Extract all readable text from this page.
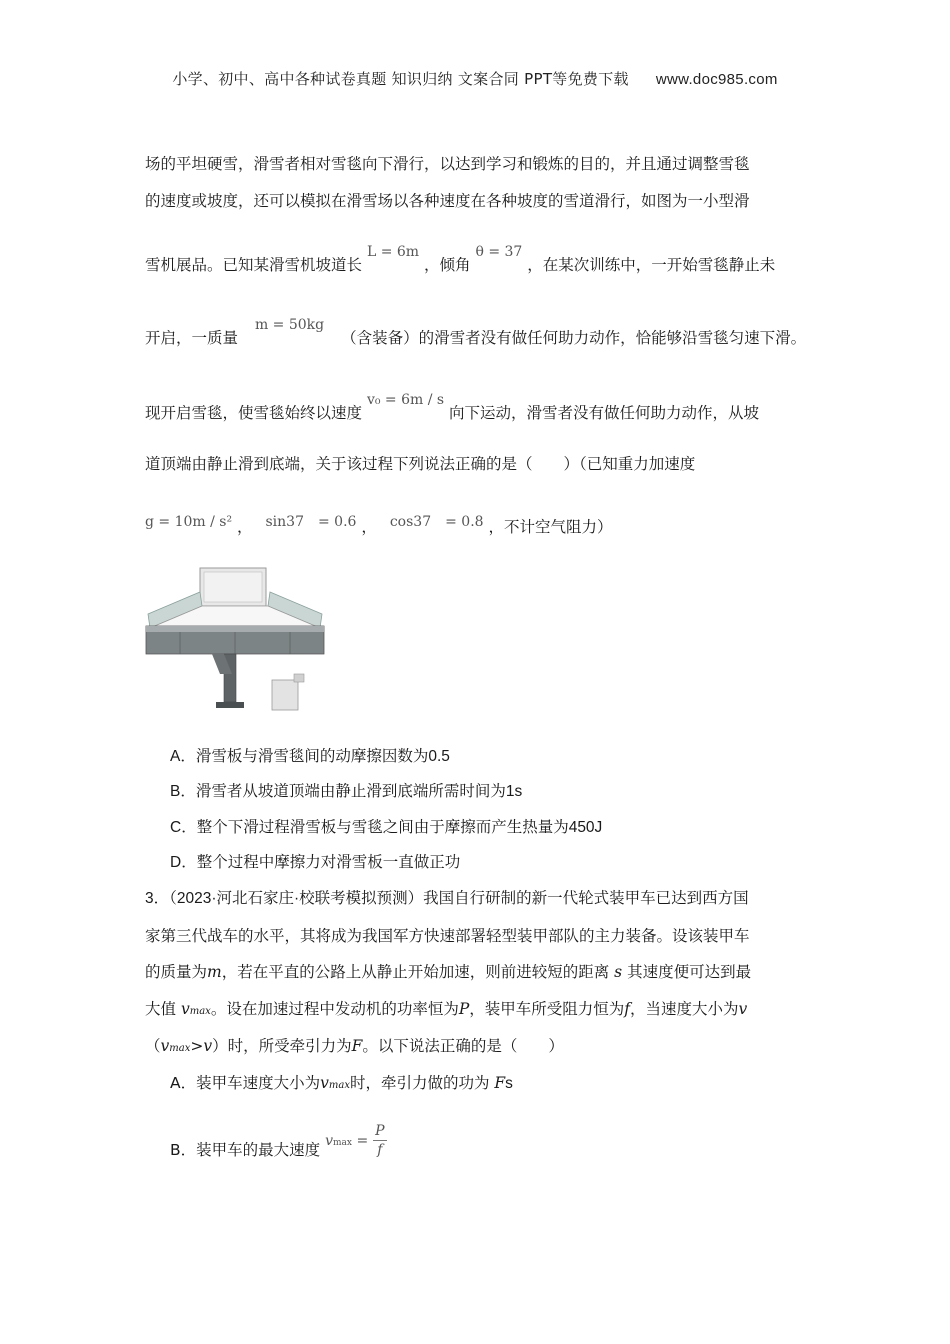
小学、初中、高中各种试卷真题 知识归纳 文案合同 PPT等免费下载 www.doc985.com
场的平坦硬雪，滑雪者相对雪毯向下滑行，以达到学习和锻炼的目的，并且通过调整雪毯
的速度或坡度，还可以模拟在滑雪场以各种速度在各种坡度的雪道滑行，如图为一小型滑
雪机展品。已知某滑雪机坡道长 L = 6m ，倾角 θ = 37 ，在某次训练中，一开始雪毯静止未
开启，一质量 m = 50kg （含装备）的滑雪者没有做任何助力动作，恰能够沿雪毯匀速下滑。
现开启雪毯，使雪毯始终以速度 v₀ = 6m / s 向下运动，滑雪者没有做任何助力动作，从坡
道顶端由静止滑到底端，关于该过程下列说法正确的是（　　）（已知重力加速度
g = 10m / s² ， sin37　= 0.6 ， cos37　= 0.8 ，不计空气阻力）
A．滑雪板与滑雪毯间的动摩擦因数为0.5
B．滑雪者从坡道顶端由静止滑到底端所需时间为1s
C．整个下滑过程滑雪板与雪毯之间由于摩擦而产生热量为450J
D．整个过程中摩擦力对滑雪板一直做正功
3．（2023·河北石家庄·校联考模拟预测）我国自行研制的新一代轮式装甲车已达到西方国
家第三代战车的水平，其将成为我国军方快速部署轻型装甲部队的主力装备。设该装甲车
的质量为m，若在平直的公路上从静止开始加速，则前进较短的距离 s 其速度便可达到最
大值 vmax。设在加速过程中发动机的功率恒为P，装甲车所受阻力恒为f，当速度大小为v
（vmax>v）时，所受牵引力为F。以下说法正确的是（　　）
A．装甲车速度大小为vmax时，牵引力做的功为 Fs
B．装甲车的最大速度 $vmax = \frac{P}{f}$
